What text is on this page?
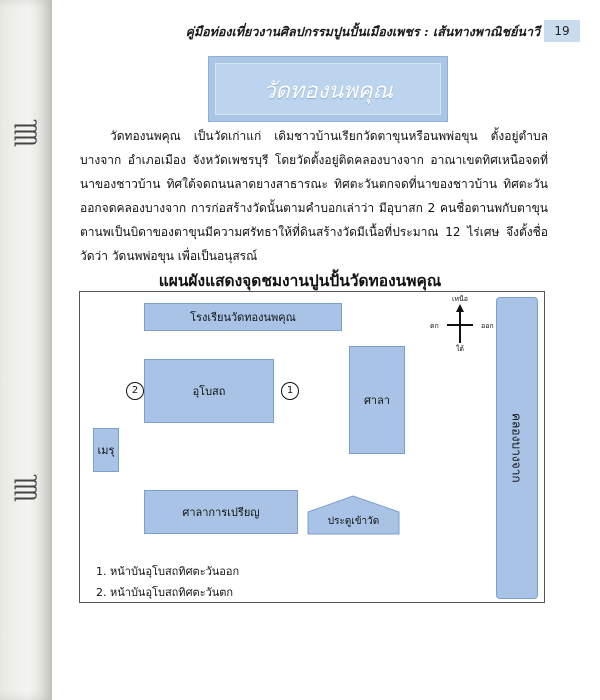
ɭɭɭɭ
ɭɭɭɭ
คู่มือท่องเที่ยวงานศิลปกรรมปูนปั้นเมืองเพชร : เส้นทางพาณิชย์นาวี	19
วัดทองนพคุณ

วัดทองนพคุณ เป็นวัดเก่าแก่ เดิมชาวบ้านเรียกวัดตาขุนหรือนพพ่อขุน ตั้งอยู่ตำบลบางจาก อำเภอเมือง จังหวัดเพชรบุรี โดยวัดตั้งอยู่ติดคลองบางจาก อาณาเขตทิศเหนือจดที่นาของชาวบ้าน ทิศใต้จดถนนลาดยางสาธารณะ ทิศตะวันตกจดที่นาของชาวบ้าน ทิศตะวันออกจดคลองบางจาก การก่อสร้างวัดนั้นตามคำบอกเล่าว่า มีอุบาสก 2 คนชื่อตานพกับตาขุน ตานพเป็นบิดาของตาขุนมีความศรัทธาให้ที่ดินสร้างวัดมีเนื้อที่ประมาณ 12 ไร่เศษ จึงตั้งชื่อวัดว่า วัดนพพ่อขุน เพื่อเป็นอนุสรณ์

แผนผังแสดงจุดชมงานปูนปั้นวัดทองนพคุณ
โรงเรียนวัดทองนพคุณ
อุโบสถ
2	1
ศาลา
เมรุ
ศาลาการเปรียญ
ประตูเข้าวัด
คลองบางจาก
เหนือ
ตก	ออก
ใต้
1. หน้าบันอุโบสถทิศตะวันออก
2. หน้าบันอุโบสถทิศตะวันตก
